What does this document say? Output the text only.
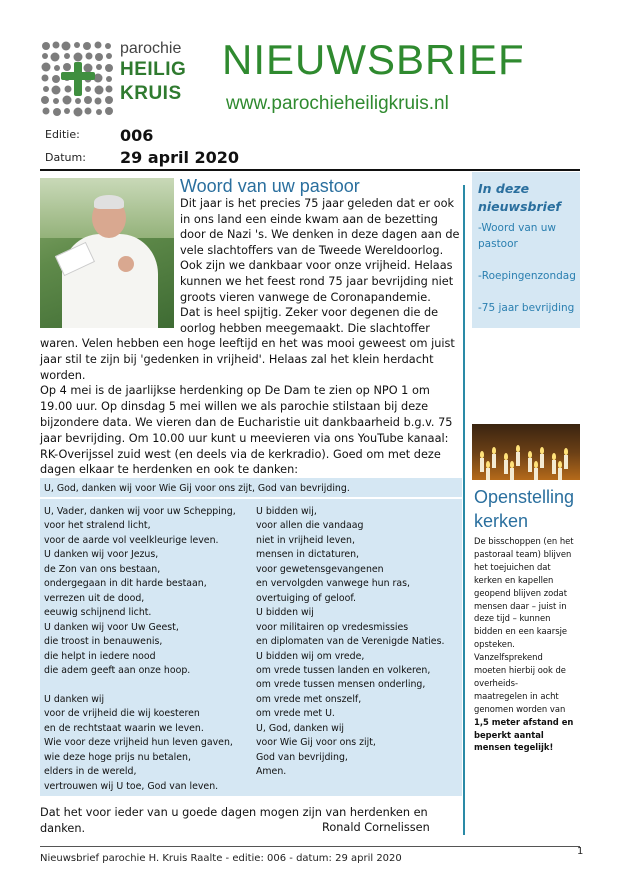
parochie
HEILIG
KRUIS
NIEUWSBRIEF
www.parochieheiligkruis.nl
Editie:	006
Datum: 29 april 2020
Woord van uw pastoor
Dit jaar is het precies 75 jaar geleden dat er ook
in ons land een einde kwam aan de bezetting
door de Nazi 's. We denken in deze dagen aan de
vele slachtoffers van de Tweede Wereldoorlog.
Ook zijn we dankbaar voor onze vrijheid. Helaas
kunnen we het feest rond 75 jaar bevrijding niet
groots vieren vanwege de Coronapandemie.
Dat is heel spijtig. Zeker voor degenen die de
oorlog hebben meegemaakt. Die slachtoffer
waren. Velen hebben een hoge leeftijd en het was mooi geweest om juist
jaar stil te zijn bij 'gedenken in vrijheid'. Helaas zal het klein herdacht
worden.
Op 4 mei is de jaarlijkse herdenking op De Dam te zien op NPO 1 om
19.00 uur. Op dinsdag 5 mei willen we als parochie stilstaan bij deze
bijzondere data. We vieren dan de Eucharistie uit dankbaarheid b.g.v. 75
jaar bevrijding. Om 10.00 uur kunt u meevieren via ons YouTube kanaal:
RK-Overijssel zuid west (en deels via de kerkradio). Goed om met deze
dagen elkaar te herdenken en ook te danken:
U, God, danken wij voor Wie Gij voor ons zijt, God van bevrijding.
U, Vader, danken wij voor uw Schepping,
voor het stralend licht,
voor de aarde vol veelkleurige leven.
U danken wij voor Jezus,
de Zon van ons bestaan,
ondergegaan in dit harde bestaan,
verrezen uit de dood,
eeuwig schijnend licht.
U danken wij voor Uw Geest,
die troost in benauwenis,
die helpt in iedere nood
die adem geeft aan onze hoop.
U danken wij
voor de vrijheid die wij koesteren
en de rechtstaat waarin we leven.
Wie voor deze vrijheid hun leven gaven,
wie deze hoge prijs nu betalen,
elders in de wereld,
vertrouwen wij U toe, God van leven.
U bidden wij,
voor allen die vandaag
niet in vrijheid leven,
mensen in dictaturen,
voor gewetensgevangenen
en vervolgden vanwege hun ras,
overtuiging of geloof.
U bidden wij
voor militairen op vredesmissies
en diplomaten van de Verenigde Naties.
U bidden wij om vrede,
om vrede tussen landen en volkeren,
om vrede tussen mensen onderling,
om vrede met onszelf,
om vrede met U.
U, God, danken wij
voor Wie Gij voor ons zijt,
God van bevrijding,
Amen.
Dat het voor ieder van u goede dagen mogen zijn van herdenken en
danken.	Ronald Cornelissen
In deze
nieuwsbrief
-Woord van uw
pastoor
-Roepingenzondag
-75 jaar bevrijding
Openstelling
kerken
De bisschoppen (en het
pastoraal team) blijven
het toejuichen dat
kerken en kapellen
geopend blijven zodat
mensen daar – juist in
deze tijd – kunnen
bidden en een kaarsje
opsteken.
Vanzelfsprekend
moeten hierbij ook de
overheids-
maatregelen in acht
genomen worden van
1,5 meter afstand en
beperkt aantal
mensen tegelijk!
Nieuwsbrief parochie H. Kruis Raalte - editie: 006 - datum: 29 april 2020
1
